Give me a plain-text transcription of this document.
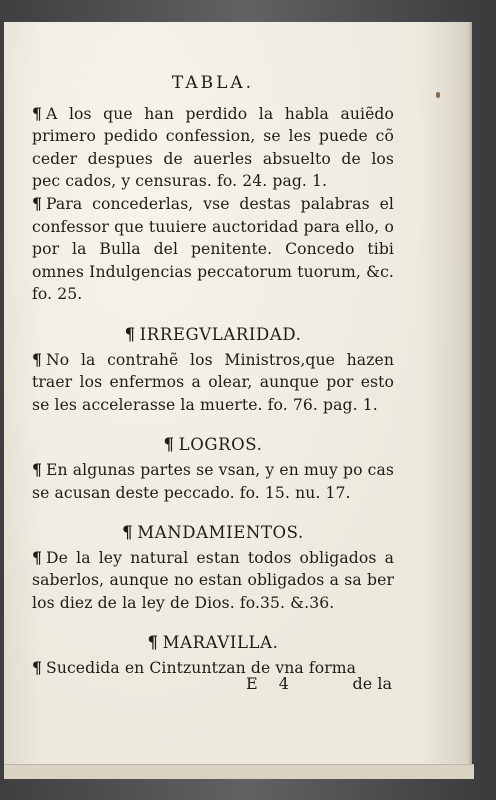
TABLA.

¶ A los que han perdido la habla auiẽdo primero pedido confession, se les puede cõ ceder despues de auerles absuelto de los pec cados, y censuras. fo. 24. pag. 1.

¶ Para concederlas, vse destas palabras el confessor que tuuiere auctoridad para ello, o por la Bulla del penitente. Concedo tibi omnes Indulgencias peccatorum tuorum, &c. fo. 25.

¶ IRREGVLARIDAD.

¶ No la contrahẽ los Ministros,que hazen traer los enfermos a olear, aunque por esto se les accelerasse la muerte. fo. 76. pag. 1.

¶ LOGROS.

¶ En algunas partes se vsan, y en muy po cas se acusan deste peccado. fo. 15. nu. 17.

¶ MANDAMIENTOS.

¶ De la ley natural estan todos obligados a saberlos, aunque no estan obligados a sa ber los diez de la ley de Dios. fo.35. &.36.

¶ MARAVILLA.

¶ Sucedida en Cintzuntzan de vna forma

E 4	de la
